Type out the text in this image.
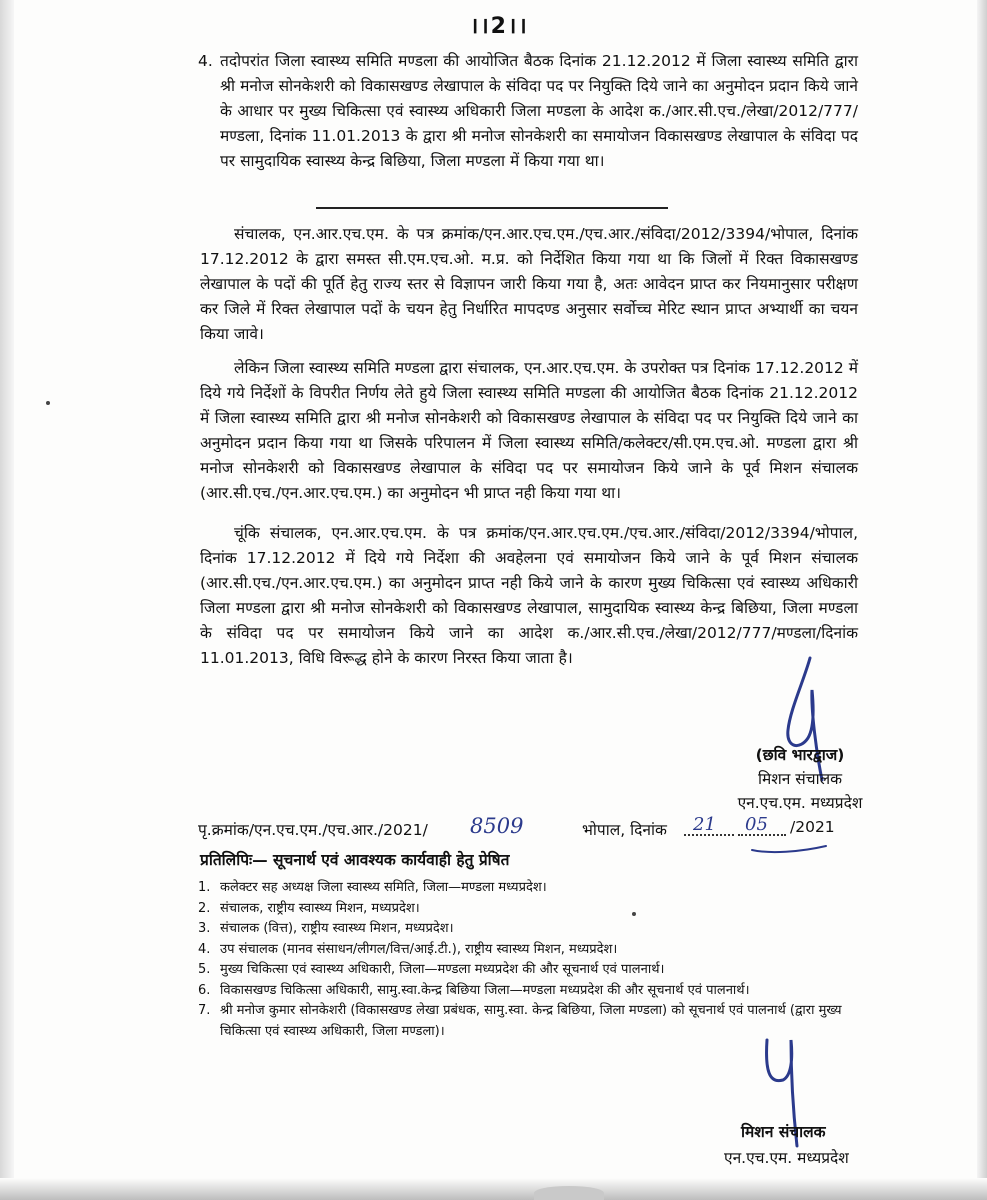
।।2।।
4. तदोपरांत जिला स्वास्थ्य समिति मण्डला की आयोजित बैठक दिनांक 21.12.2012 में जिला स्वास्थ्य समिति द्वारा श्री मनोज सोनकेशरी को विकासखण्ड लेखापाल के संविदा पद पर नियुक्ति दिये जाने का अनुमोदन प्रदान किये जाने के आधार पर मुख्य चिकित्सा एवं स्वास्थ्य अधिकारी जिला मण्डला के आदेश क./आर.सी.एच./लेखा/2012/777/मण्डला, दिनांक 11.01.2013 के द्वारा श्री मनोज सोनकेशरी का समायोजन विकासखण्ड लेखापाल के संविदा पद पर सामुदायिक स्वास्थ्य केन्द्र बिछिया, जिला मण्डला में किया गया था।
संचालक, एन.आर.एच.एम. के पत्र क्रमांक/एन.आर.एच.एम./एच.आर./संविदा/2012/3394/भोपाल, दिनांक 17.12.2012 के द्वारा समस्त सी.एम.एच.ओ. म.प्र. को निर्देशित किया गया था कि जिलों में रिक्त विकासखण्ड लेखापाल के पदों की पूर्ति हेतु राज्य स्तर से विज्ञापन जारी किया गया है, अतः आवेदन प्राप्त कर नियमानुसार परीक्षण कर जिले में रिक्त लेखापाल पदों के चयन हेतु निर्धारित मापदण्ड अनुसार सर्वोच्च मेरिट स्थान प्राप्त अभ्यार्थी का चयन किया जावे।
लेकिन जिला स्वास्थ्य समिति मण्डला द्वारा संचालक, एन.आर.एच.एम. के उपरोक्त पत्र दिनांक 17.12.2012 में दिये गये निर्देशों के विपरीत निर्णय लेते हुये जिला स्वास्थ्य समिति मण्डला की आयोजित बैठक दिनांक 21.12.2012 में जिला स्वास्थ्य समिति द्वारा श्री मनोज सोनकेशरी को विकासखण्ड लेखापाल के संविदा पद पर नियुक्ति दिये जाने का अनुमोदन प्रदान किया गया था जिसके परिपालन में जिला स्वास्थ्य समिति/कलेक्टर/सी.एम.एच.ओ. मण्डला द्वारा श्री मनोज सोनकेशरी को विकासखण्ड लेखापाल के संविदा पद पर समायोजन किये जाने के पूर्व मिशन संचालक (आर.सी.एच./एन.आर.एच.एम.) का अनुमोदन भी प्राप्त नही किया गया था।
चूंकि संचालक, एन.आर.एच.एम. के पत्र क्रमांक/एन.आर.एच.एम./एच.आर./संविदा/2012/3394/भोपाल, दिनांक 17.12.2012 में दिये गये निर्देशा की अवहेलना एवं समायोजन किये जाने के पूर्व मिशन संचालक (आर.सी.एच./एन.आर.एच.एम.) का अनुमोदन प्राप्त नही किये जाने के कारण मुख्य चिकित्सा एवं स्वास्थ्य अधिकारी जिला मण्डला द्वारा श्री मनोज सोनकेशरी को विकासखण्ड लेखापाल, सामुदायिक स्वास्थ्य केन्द्र बिछिया, जिला मण्डला के संविदा पद पर समायोजन किये जाने का आदेश क./आर.सी.एच./लेखा/2012/777/मण्डला/दिनांक 11.01.2013, विधि विरूद्ध होने के कारण निरस्त किया जाता है।
(छवि भारद्वाज)
मिशन संचालक
एन.एच.एम. मध्यप्रदेश
पृ.क्रमांक/एन.एच.एम./एच.आर./2021/ 8509	भोपाल, दिनांक 21 05 /2021
प्रतिलिपिः— सूचनार्थ एवं आवश्यक कार्यवाही हेतु प्रेषित
1. कलेक्टर सह अध्यक्ष जिला स्वास्थ्य समिति, जिला—मण्डला मध्यप्रदेश।
2. संचालक, राष्ट्रीय स्वास्थ्य मिशन, मध्यप्रदेश।
3. संचालक (वित्त), राष्ट्रीय स्वास्थ्य मिशन, मध्यप्रदेश।
4. उप संचालक (मानव संसाधन/लीगल/वित्त/आई.टी.), राष्ट्रीय स्वास्थ्य मिशन, मध्यप्रदेश।
5. मुख्य चिकित्सा एवं स्वास्थ्य अधिकारी, जिला—मण्डला मध्यप्रदेश की और सूचनार्थ एवं पालनार्थ।
6. विकासखण्ड चिकित्सा अधिकारी, सामु.स्वा.केन्द्र बिछिया जिला—मण्डला मध्यप्रदेश की और सूचनार्थ एवं पालनार्थ।
7. श्री मनोज कुमार सोनकेशरी (विकासखण्ड लेखा प्रबंधक, सामु.स्वा. केन्द्र बिछिया, जिला मण्डला) को सूचनार्थ एवं पालनार्थ (द्वारा मुख्य चिकित्सा एवं स्वास्थ्य अधिकारी, जिला मण्डला)।
मिशन संचालक
एन.एच.एम. मध्यप्रदेश
